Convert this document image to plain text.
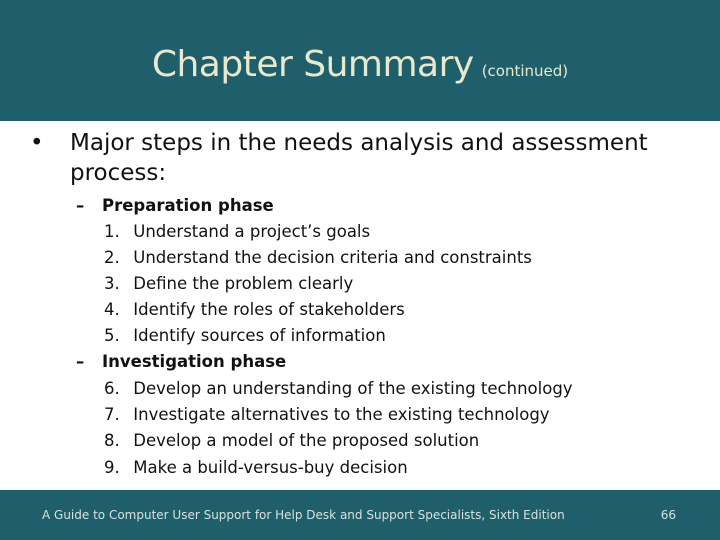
Chapter Summary (continued)
•	Major steps in the needs analysis and assessment
process:
–	Preparation phase
1. Understand a project’s goals
2. Understand the decision criteria and constraints
3. Define the problem clearly
4. Identify the roles of stakeholders
5. Identify sources of information
–	Investigation phase
6. Develop an understanding of the existing technology
7. Investigate alternatives to the existing technology
8. Develop a model of the proposed solution
9. Make a build-versus-buy decision
A Guide to Computer User Support for Help Desk and Support Specialists, Sixth Edition	66
